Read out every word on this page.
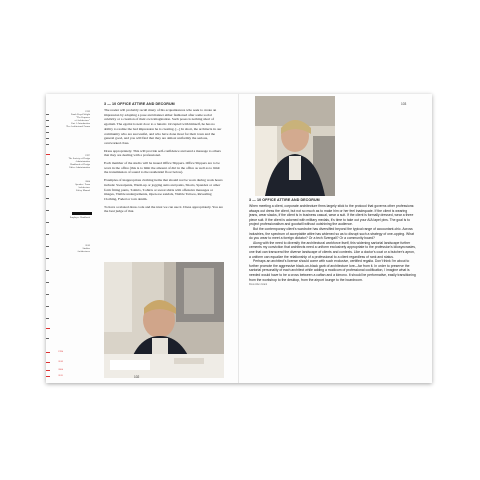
1994
2016
2004
2015
1939
Frank Lloyd Wright
"The Purposes
of Architecture"
Part 1: Introduction
The Architectural Forum
1997
The Society of Design
Administration
Handbook of Design
Office Administration
2004
Speaker / Form
Architecture
Policy Manual
Employee Handbook
2016
Studioo
Architectures
3 — 10 OFFICE ATTIRE AND DECORUM

The reader will probably recall many of his acquaintances who seek to create an impression by adopting a pose and manner either fashioned after some social celebrity or a creation of their own imagination. Such poses is nothing short of egotism. The egotist is next door to a lunatic. Occupied with himself, he has no ability to realize the bad impression he is creating. [...] In short, the architects in our community who are successful, and who have done most for their town and the general good, and you will find that they are almost uniformly the serious, overworked class.

Dress appropriately. This will provide self-confidence and send a message to others that they are dealing with a professional.

Each member of the studio will be issued Office Slippers. Office Slippers are to be worn in the office (this is to limit the amount of dirt in the office as well as to limit the transmission of sound to the residential floor below).

Examples of inappropriate clothing items that should not be worn during work hours include: Sweatpants, Warm-up or jogging suits and pants, Shorts, Spandex or other form fitting pants, T-shirts, T-shirts or sweat shirts with offensive messages or images, Visible undergarments, Open-toe sandals, Visible Tattoos, Revealing Clothing, Faded or torn denim.

To have a relaxed dress code and the trust we can use it. Dress appropriately. You are the best judge of that.

102
103
3 — 10 OFFICE ATTIRE AND DECORUM

When meeting a client, corporate architecture firms largely stick to the protocol that governs other professions: always out dress the client, but not so much as to make him or her feel inadequate. If the client is wearing jeans, wear slacks, if the client is in business casual, wear a suit. If the client is formally dressed, wear a three piece suit. If the client is adorned with military medals, it's time to take out your AIA lapel pins. The goal is to project professionalism and goodwill without outshining the audience.

But the contemporary client's wardrobe has diversified beyond the typical range of accountant-chic. Across industries, the spectrum of acceptable attire has widened so as to disrupt such a strategy of one-upping. What do you wear to meet a foreign dictator? Or a tech Svengali? Or a community board?

Along with the need to diversify the architectural workforce itself, this widening sartorial landscape further cements my conviction that architects need a uniform exclusively appropriate to the profession's idiosyncrasies, one that can transcend the diverse landscape of clients and contexts. Like a doctor's coat or a butcher's apron, a uniform can equalize the relationship of a professional to a client regardless of rank and status.

Perhaps an architect's license should come with such exclusive, certified regalia. Don't think I'm about to further promote the aggressive black-on-black garb of architecture lore—far from it. In order to preserve the sartorial personality of each architect while adding a modicum of professional codification, I imagine what is needed would have to be a cross between a caftan and a kimono. It should be performative, easily transitioning from the workshop to the desktop, from the airport lounge to the boardroom.

Drew Allen Grant
